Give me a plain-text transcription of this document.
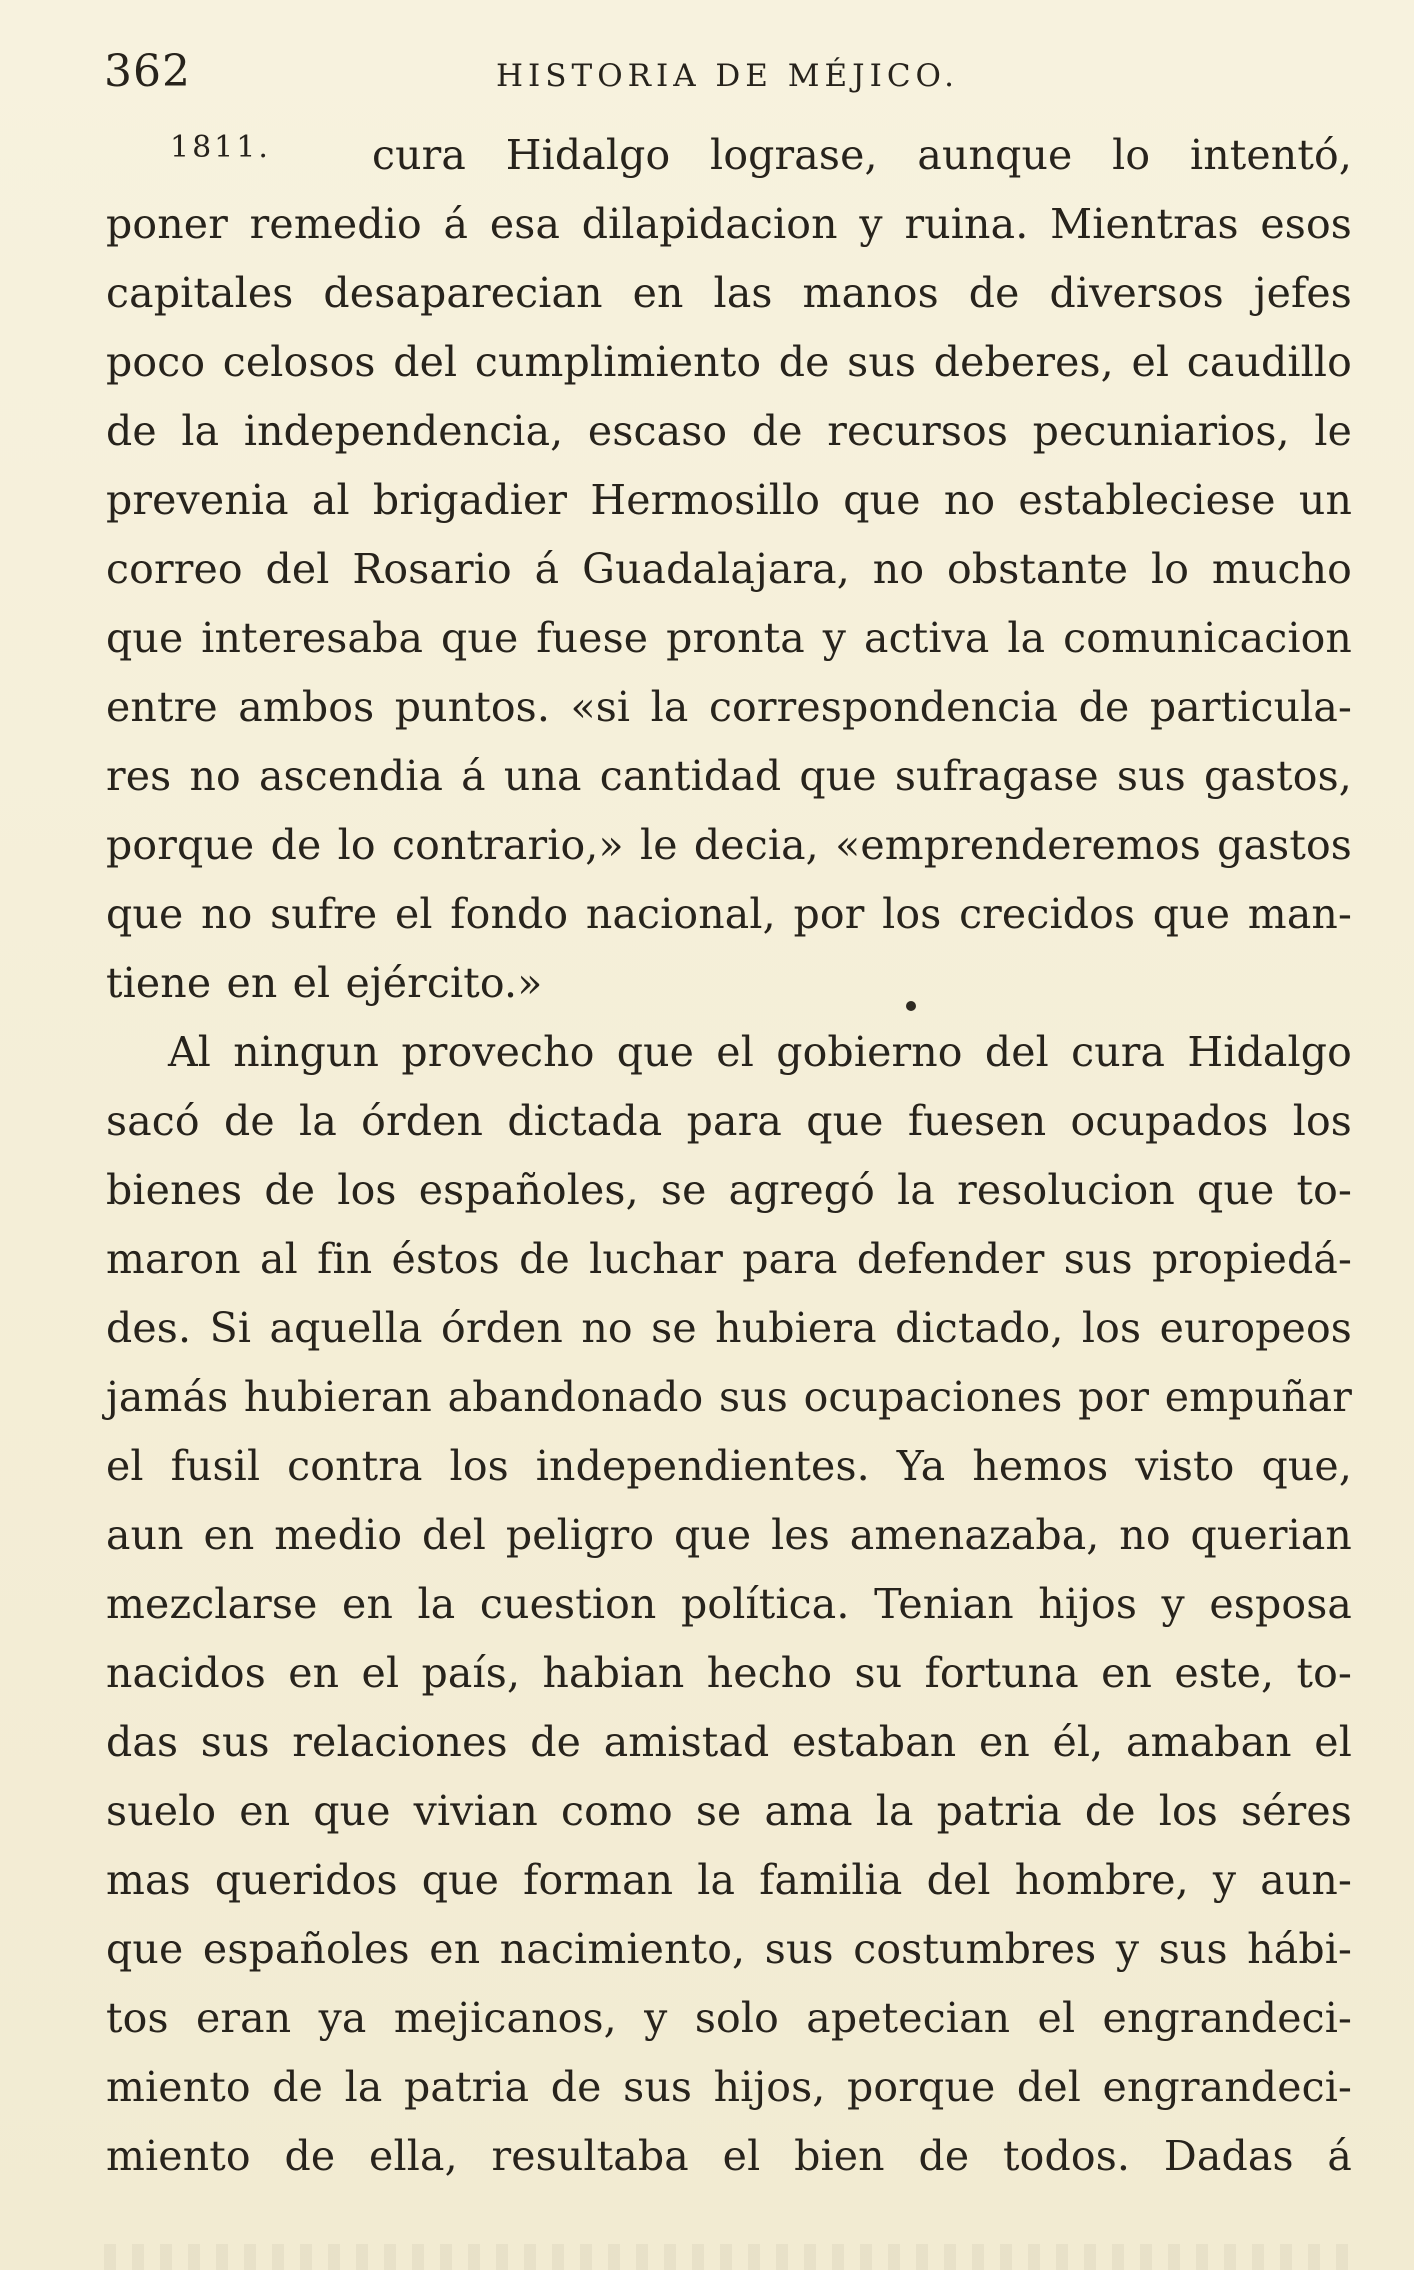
362	HISTORIA DE MÉJICO.
1811. cura Hidalgo lograse, aunque lo intentó,
poner remedio á esa dilapidacion y ruina. Mientras esos
capitales desaparecian en las manos de diversos jefes
poco celosos del cumplimiento de sus deberes, el caudillo
de la independencia, escaso de recursos pecuniarios, le
prevenia al brigadier Hermosillo que no estableciese un
correo del Rosario á Guadalajara, no obstante lo mucho
que interesaba que fuese pronta y activa la comunicacion
entre ambos puntos. «si la correspondencia de particula-
res no ascendia á una cantidad que sufragase sus gastos,
porque de lo contrario,» le decia, «emprenderemos gastos
que no sufre el fondo nacional, por los crecidos que man-
tiene en el ejército.»
Al ningun provecho que el gobierno del cura Hidalgo
sacó de la órden dictada para que fuesen ocupados los
bienes de los españoles, se agregó la resolucion que to-
maron al fin éstos de luchar para defender sus propiedá-
des. Si aquella órden no se hubiera dictado, los europeos
jamás hubieran abandonado sus ocupaciones por empuñar
el fusil contra los independientes. Ya hemos visto que,
aun en medio del peligro que les amenazaba, no querian
mezclarse en la cuestion política. Tenian hijos y esposa
nacidos en el país, habian hecho su fortuna en este, to-
das sus relaciones de amistad estaban en él, amaban el
suelo en que vivian como se ama la patria de los séres
mas queridos que forman la familia del hombre, y aun-
que españoles en nacimiento, sus costumbres y sus hábi-
tos eran ya mejicanos, y solo apetecian el engrandeci-
miento de la patria de sus hijos, porque del engrandeci-
miento de ella, resultaba el bien de todos. Dadas á
